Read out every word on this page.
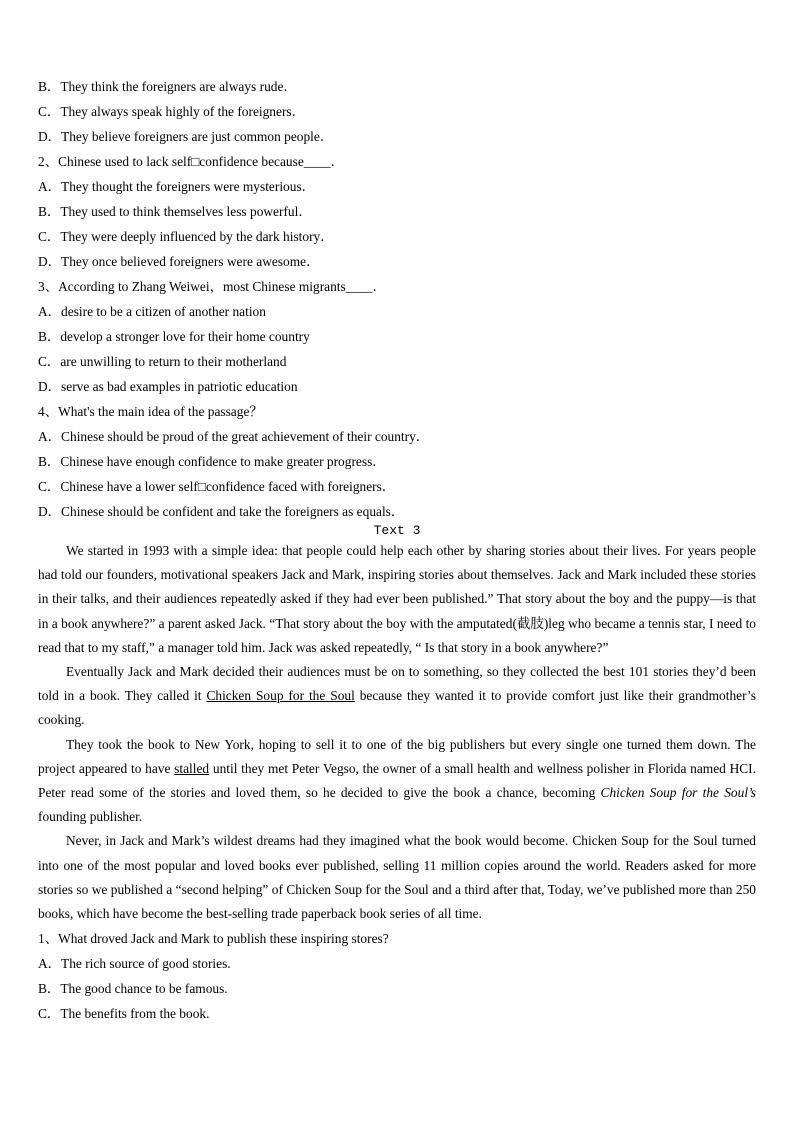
B．They think the foreigners are always rude．
C．They always speak highly of the foreigners．
D．They believe foreigners are just common people．
2、Chinese used to lack self□confidence because____．
A．They thought the foreigners were mysterious．
B．They used to think themselves less powerful．
C．They were deeply influenced by the dark history．
D．They once believed foreigners were awesome．
3、According to Zhang Weiwei，most Chinese migrants____．
A．desire to be a citizen of another nation
B．develop a stronger love for their home country
C．are unwilling to return to their motherland
D．serve as bad examples in patriotic education
4、What's the main idea of the passage？
A．Chinese should be proud of the great achievement of their country．
B．Chinese have enough confidence to make greater progress．
C．Chinese have a lower self□confidence faced with foreigners．
D．Chinese should be confident and take the foreigners as equals．
Text 3

We started in 1993 with a simple idea: that people could help each other by sharing stories about their lives. For years people had told our founders, motivational speakers Jack and Mark, inspiring stories about themselves. Jack and Mark included these stories in their talks, and their audiences repeatedly asked if they had ever been published.” That story about the boy and the puppy—is that in a book anywhere?” a parent asked Jack. “That story about the boy with the amputated(截肢)leg who became a tennis star, I need to read that to my staff,” a manager told him. Jack was asked repeatedly, “ Is that story in a book anywhere?”

Eventually Jack and Mark decided their audiences must be on to something, so they collected the best 101 stories they’d been told in a book. They called it Chicken Soup for the Soul because they wanted it to provide comfort just like their grandmother’s cooking.

They took the book to New York, hoping to sell it to one of the big publishers but every single one turned them down. The project appeared to have stalled until they met Peter Vegso, the owner of a small health and wellness polisher in Florida named HCI. Peter read some of the stories and loved them, so he decided to give the book a chance, becoming Chicken Soup for the Soul’s founding publisher.

Never, in Jack and Mark’s wildest dreams had they imagined what the book would become. Chicken Soup for the Soul turned into one of the most popular and loved books ever published, selling 11 million copies around the world. Readers asked for more stories so we published a “second helping” of Chicken Soup for the Soul and a third after that, Today, we’ve published more than 250 books, which have become the best-selling trade paperback book series of all time.

1、What droved Jack and Mark to publish these inspiring stores?
A．The rich source of good stories.
B．The good chance to be famous.
C．The benefits from the book.
